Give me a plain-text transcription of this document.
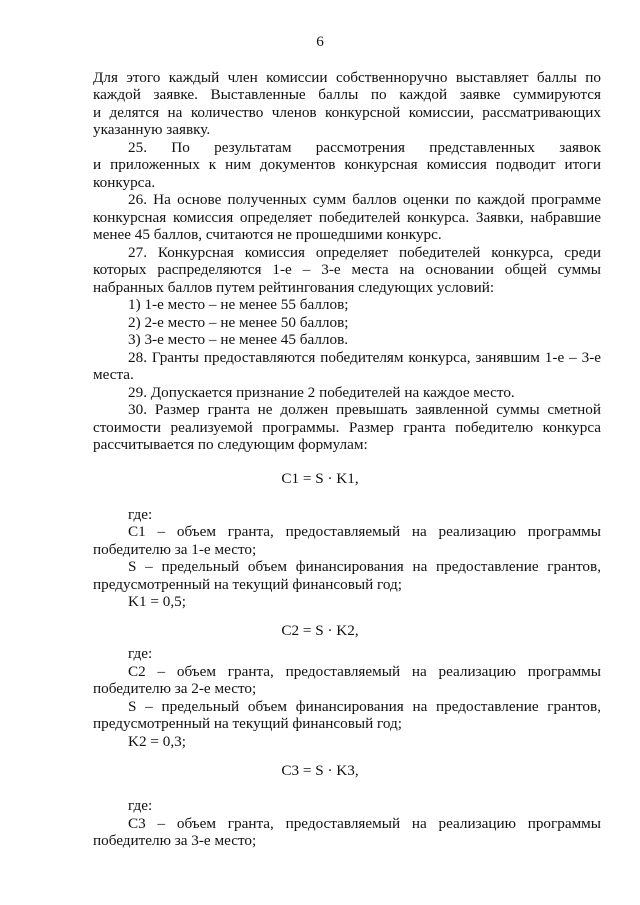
6
Для этого каждый член комиссии собственноручно выставляет баллы по
каждой заявке. Выставленные баллы по каждой заявке суммируются
и делятся на количество членов конкурсной комиссии, рассматривающих
указанную заявку.
25. По результатам рассмотрения представленных заявок
и приложенных к ним документов конкурсная комиссия подводит итоги
конкурса.
26. На основе полученных сумм баллов оценки по каждой программе
конкурсная комиссия определяет победителей конкурса. Заявки, набравшие
менее 45 баллов, считаются не прошедшими конкурс.
27. Конкурсная комиссия определяет победителей конкурса, среди
которых распределяются 1-е – 3-е места на основании общей суммы
набранных баллов путем рейтингования следующих условий:
1) 1-е место – не менее 55 баллов;
2) 2-е место – не менее 50 баллов;
3) 3-е место – не менее 45 баллов.
28. Гранты предоставляются победителям конкурса, занявшим 1-е – 3-е
места.
29. Допускается признание 2 победителей на каждое место.
30. Размер гранта не должен превышать заявленной суммы сметной
стоимости реализуемой программы. Размер гранта победителю конкурса
рассчитывается по следующим формулам:
C1 = S · K1,
где:
C1 – объем гранта, предоставляемый на реализацию программы
победителю за 1-е место;
S – предельный объем финансирования на предоставление грантов,
предусмотренный на текущий финансовый год;
K1 = 0,5;
C2 = S · K2,
где:
C2 – объем гранта, предоставляемый на реализацию программы
победителю за 2-е место;
S – предельный объем финансирования на предоставление грантов,
предусмотренный на текущий финансовый год;
K2 = 0,3;
C3 = S · K3,
где:
C3 – объем гранта, предоставляемый на реализацию программы
победителю за 3-е место;
